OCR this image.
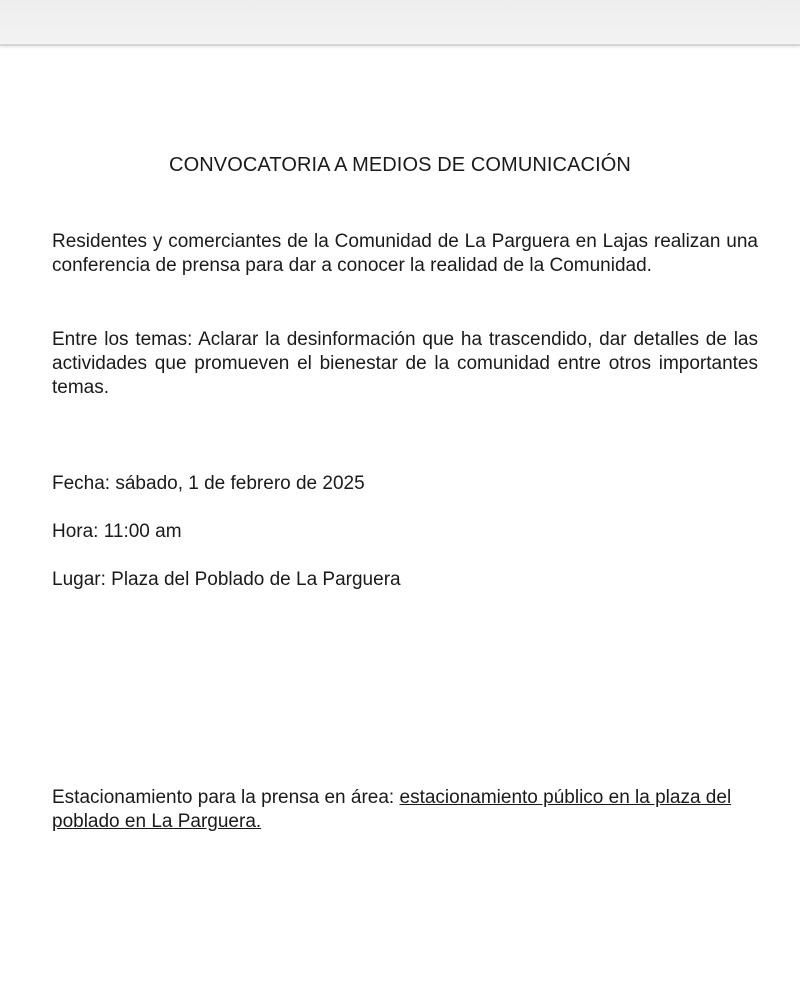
CONVOCATORIA A MEDIOS DE COMUNICACIÓN

Residentes y comerciantes de la Comunidad de La Parguera en Lajas realizan una conferencia de prensa para dar a conocer la realidad de la Comunidad.

Entre los temas: Aclarar la desinformación que ha trascendido, dar detalles de las actividades que promueven el bienestar de la comunidad entre otros importantes temas.

Fecha: sábado, 1 de febrero de 2025

Hora: 11:00 am

Lugar: Plaza del Poblado de La Parguera

Estacionamiento para la prensa en área: estacionamiento público en la plaza del poblado en La Parguera.
